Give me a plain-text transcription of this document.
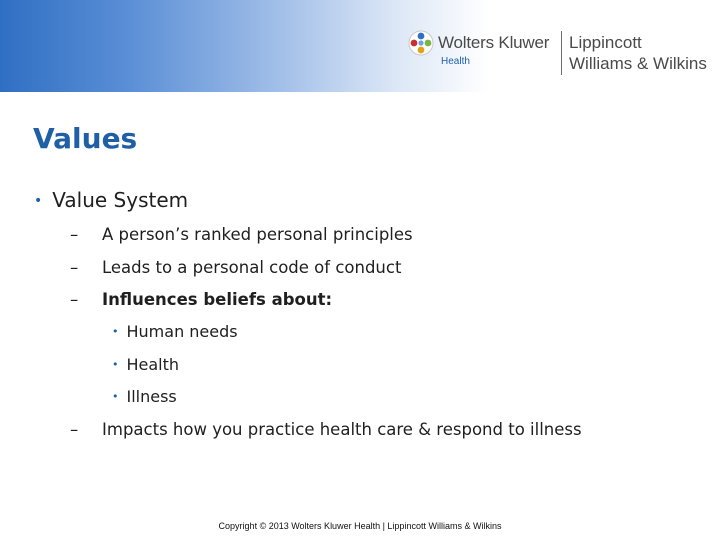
Wolters Kluwer
Health
Lippincott
Williams & Wilkins
Values
• Value System
– A person’s ranked personal principles
– Leads to a personal code of conduct
– Influences beliefs about:
• Human needs
• Health
• Illness
– Impacts how you practice health care & respond to illness
Copyright © 2013 Wolters Kluwer Health | Lippincott Williams & Wilkins
